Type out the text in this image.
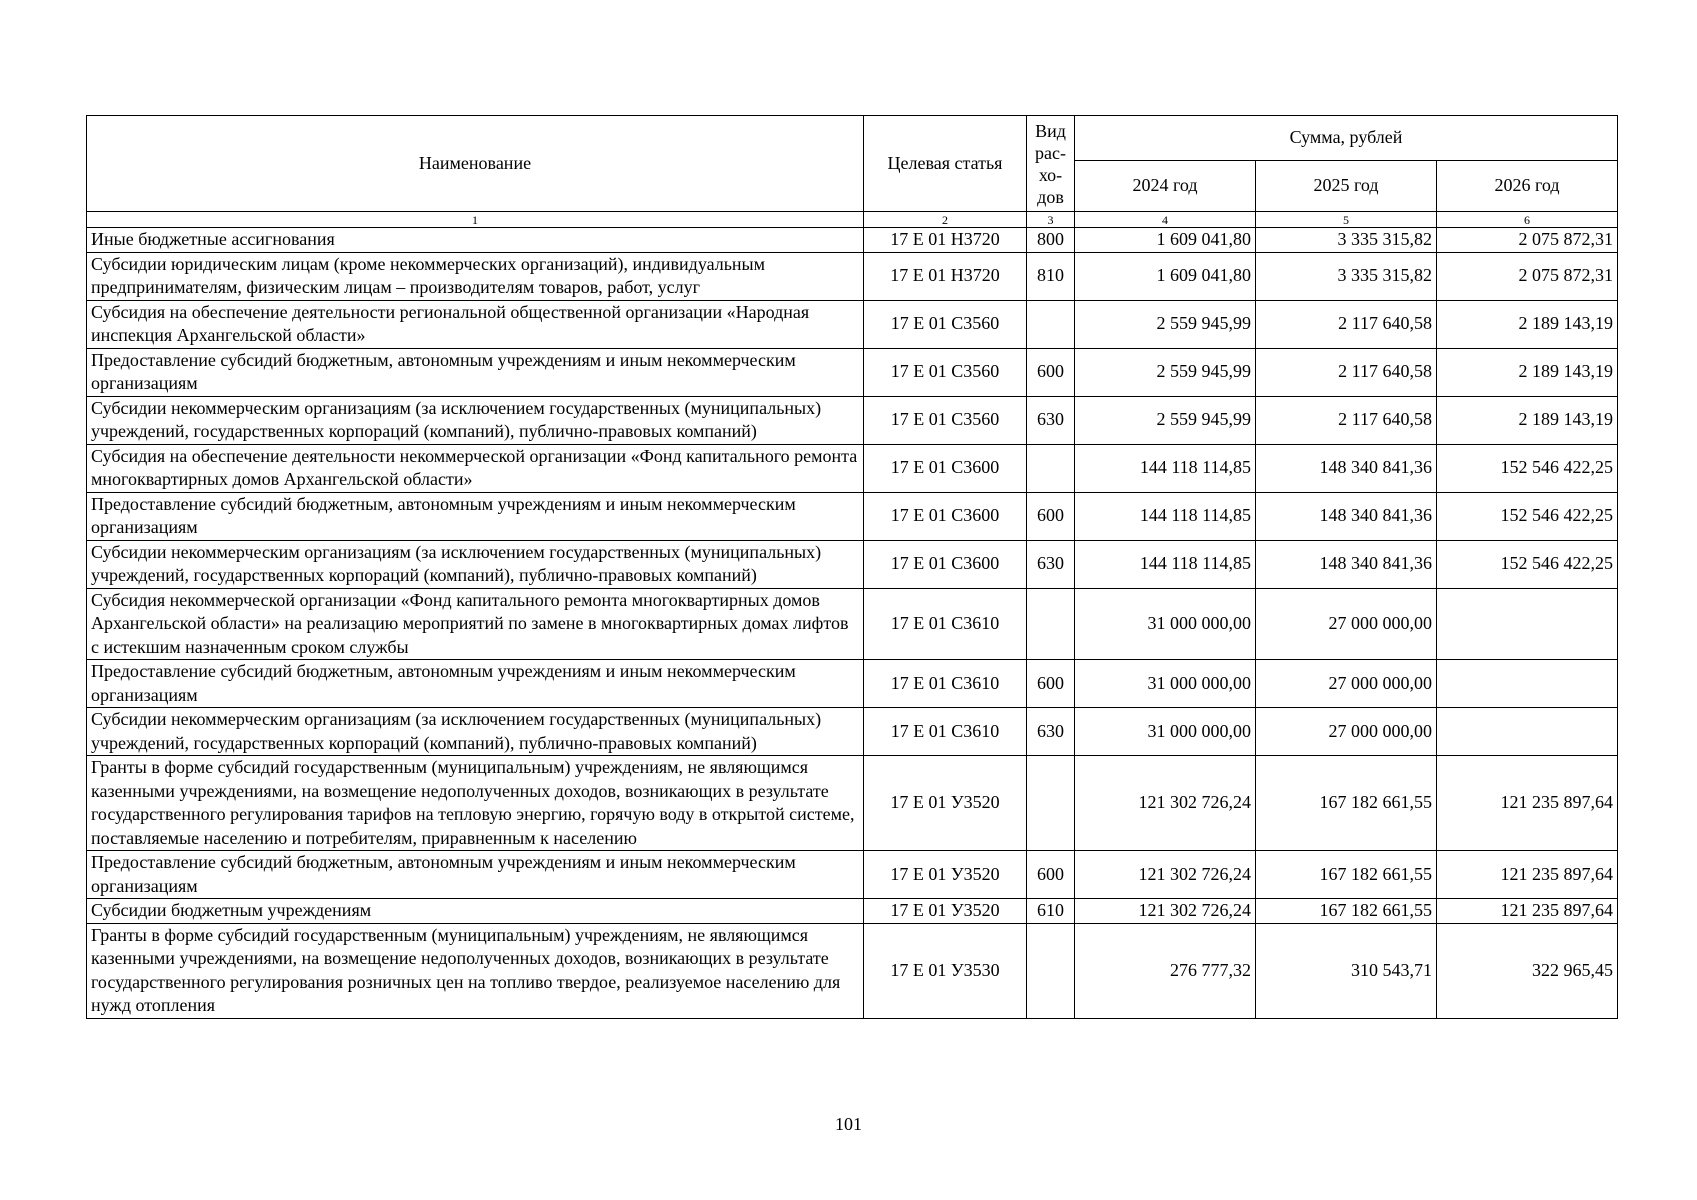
Наименование	Целевая статья	Вид рас-хо-дов	Сумма, рублей		
			2024 год	2025 год	2026 год
1	2	3	4	5	6
Иные бюджетные ассигнования	17 Е 01 Н3720	800	1 609 041,80	3 335 315,82	2 075 872,31
Субсидии юридическим лицам (кроме некоммерческих организаций), индивидуальным предпринимателям, физическим лицам – производителям товаров, работ, услуг	17 Е 01 Н3720	810	1 609 041,80	3 335 315,82	2 075 872,31
Субсидия на обеспечение деятельности региональной общественной организации «Народная инспекция Архангельской области»	17 Е 01 С3560		2 559 945,99	2 117 640,58	2 189 143,19
Предоставление субсидий бюджетным, автономным учреждениям и иным некоммерческим организациям	17 Е 01 С3560	600	2 559 945,99	2 117 640,58	2 189 143,19
Субсидии некоммерческим организациям (за исключением государственных (муниципальных) учреждений, государственных корпораций (компаний), публично-правовых компаний)	17 Е 01 С3560	630	2 559 945,99	2 117 640,58	2 189 143,19
Субсидия на обеспечение деятельности некоммерческой организации «Фонд капитального ремонта многоквартирных домов Архангельской области»	17 Е 01 С3600		144 118 114,85	148 340 841,36	152 546 422,25
Предоставление субсидий бюджетным, автономным учреждениям и иным некоммерческим организациям	17 Е 01 С3600	600	144 118 114,85	148 340 841,36	152 546 422,25
Субсидии некоммерческим организациям (за исключением государственных (муниципальных) учреждений, государственных корпораций (компаний), публично-правовых компаний)	17 Е 01 С3600	630	144 118 114,85	148 340 841,36	152 546 422,25
Субсидия некоммерческой организации «Фонд капитального ремонта многоквартирных домов Архангельской области» на реализацию мероприятий по замене в многоквартирных домах лифтов с истекшим назначенным сроком службы	17 Е 01 С3610		31 000 000,00	27 000 000,00	
Предоставление субсидий бюджетным, автономным учреждениям и иным некоммерческим организациям	17 Е 01 С3610	600	31 000 000,00	27 000 000,00	
Субсидии некоммерческим организациям (за исключением государственных (муниципальных) учреждений, государственных корпораций (компаний), публично-правовых компаний)	17 Е 01 С3610	630	31 000 000,00	27 000 000,00	
Гранты в форме субсидий государственным (муниципальным) учреждениям, не являющимся казенными учреждениями, на возмещение недополученных доходов, возникающих в результате государственного регулирования тарифов на тепловую энергию, горячую воду в открытой системе, поставляемые населению и потребителям, приравненным к населению	17 Е 01 У3520		121 302 726,24	167 182 661,55	121 235 897,64
Предоставление субсидий бюджетным, автономным учреждениям и иным некоммерческим организациям	17 Е 01 У3520	600	121 302 726,24	167 182 661,55	121 235 897,64
Субсидии бюджетным учреждениям	17 Е 01 У3520	610	121 302 726,24	167 182 661,55	121 235 897,64
Гранты в форме субсидий государственным (муниципальным) учреждениям, не являющимся казенными учреждениями, на возмещение недополученных доходов, возникающих в результате государственного регулирования розничных цен на топливо твердое, реализуемое населению для нужд отопления	17 Е 01 У3530		276 777,32	310 543,71	322 965,45
101
